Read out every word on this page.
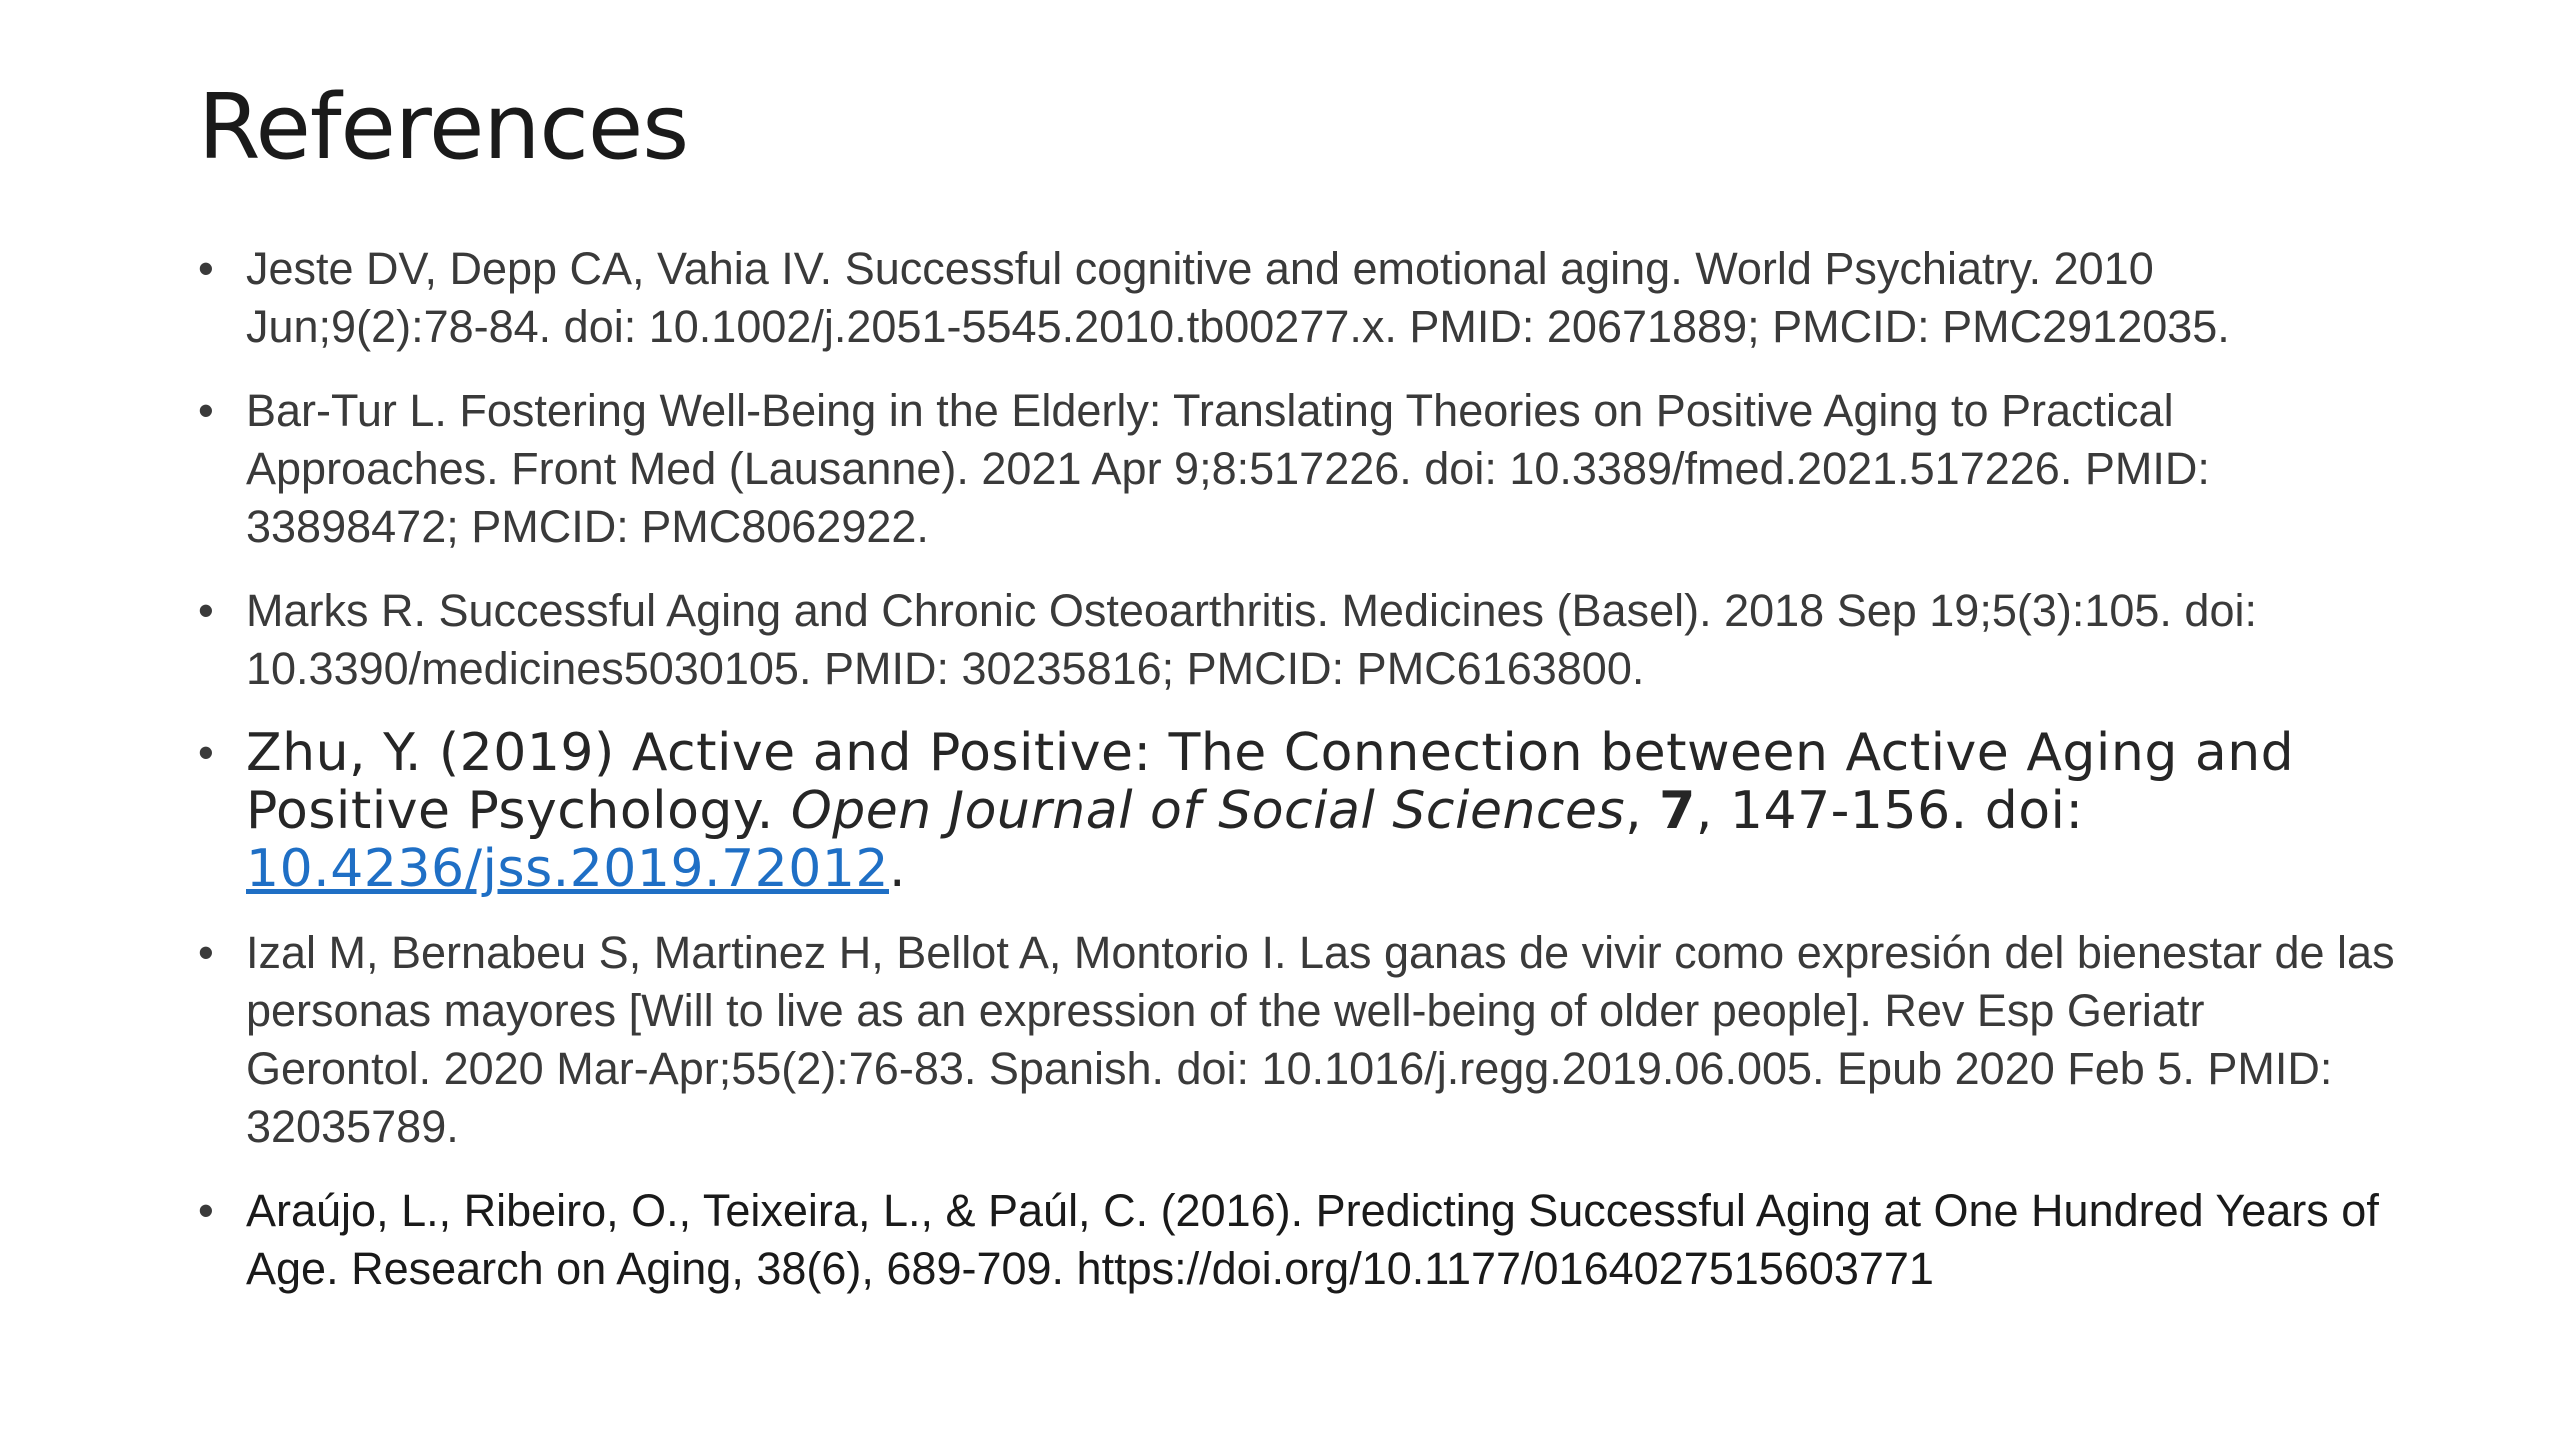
References
• Jeste DV, Depp CA, Vahia IV. Successful cognitive and emotional aging. World Psychiatry. 2010 Jun;9(2):78-84. doi: 10.1002/j.2051-5545.2010.tb00277.x. PMID: 20671889; PMCID: PMC2912035.
• Bar-Tur L. Fostering Well-Being in the Elderly: Translating Theories on Positive Aging to Practical Approaches. Front Med (Lausanne). 2021 Apr 9;8:517226. doi: 10.3389/fmed.2021.517226. PMID: 33898472; PMCID: PMC8062922.
• Marks R. Successful Aging and Chronic Osteoarthritis. Medicines (Basel). 2018 Sep 19;5(3):105. doi: 10.3390/medicines5030105. PMID: 30235816; PMCID: PMC6163800.
• Zhu, Y. (2019) Active and Positive: The Connection between Active Aging and Positive Psychology. Open Journal of Social Sciences, 7, 147-156. doi: 10.4236/jss.2019.72012.
• Izal M, Bernabeu S, Martinez H, Bellot A, Montorio I. Las ganas de vivir como expresión del bienestar de las personas mayores [Will to live as an expression of the well-being of older people]. Rev Esp Geriatr Gerontol. 2020 Mar-Apr;55(2):76-83. Spanish. doi: 10.1016/j.regg.2019.06.005. Epub 2020 Feb 5. PMID: 32035789.
• Araújo, L., Ribeiro, O., Teixeira, L., & Paúl, C. (2016). Predicting Successful Aging at One Hundred Years of Age. Research on Aging, 38(6), 689-709. https://doi.org/10.1177/0164027515603771
